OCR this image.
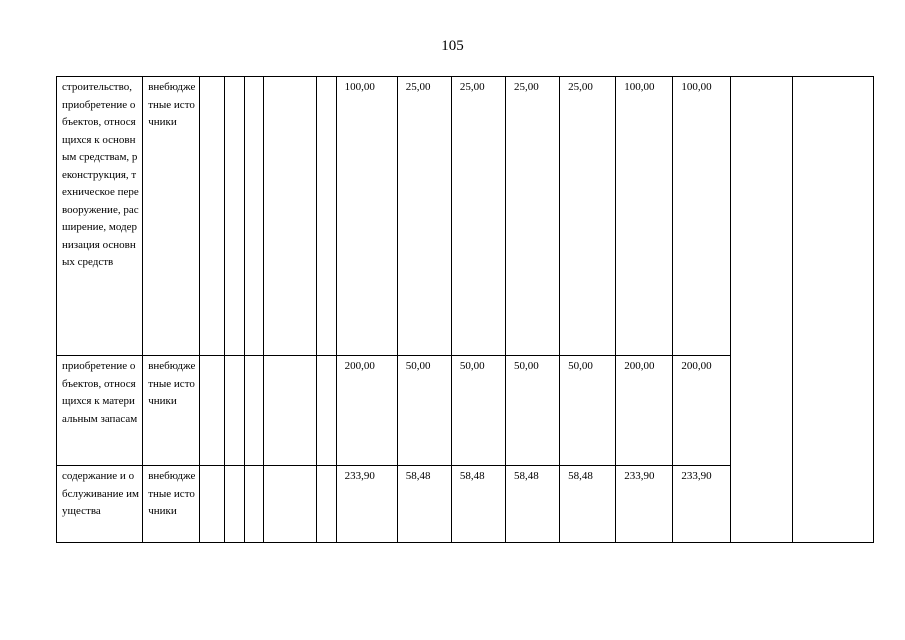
105
строительство, приобретение объектов, относящихся к основным средствам, реконструкция, техническое перевооружение, расширение, модернизация основных средств	внебюджетные источники						100,00	25,00	25,00	25,00	25,00	100,00	100,00		
приобретение объектов, относящихся к материальным запасам	внебюджетные источники						200,00	50,00	50,00	50,00	50,00	200,00	200,00		
содержание и обслуживание имущества	внебюджетные источники						233,90	58,48	58,48	58,48	58,48	233,90	233,90		
